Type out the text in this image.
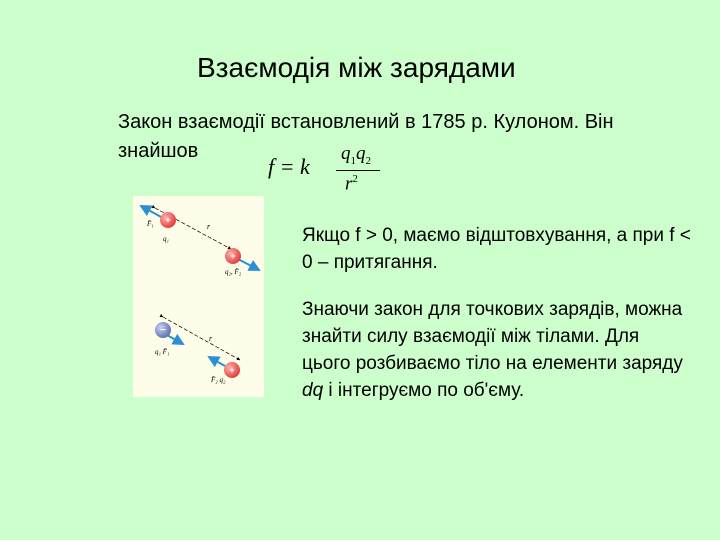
Взаємодія між зарядами
Закон взаємодії встановлений в 1785 р. Кулоном. Він знайшов
f = k
$q_1q_2$
$r^2$
r
+
+
F̄₁
q₁
q₂, F̄₂
r
−
+
q₁ F̄₁
F̄₂ q₂
Якщо f > 0, маємо відштовхування, а при f < 0 – притягання.
Знаючи закон для точкових зарядів, можна знайти силу взаємодії між тілами. Для цього розбиваємо тіло на елементи заряду dq і інтегруємо по об'єму.
